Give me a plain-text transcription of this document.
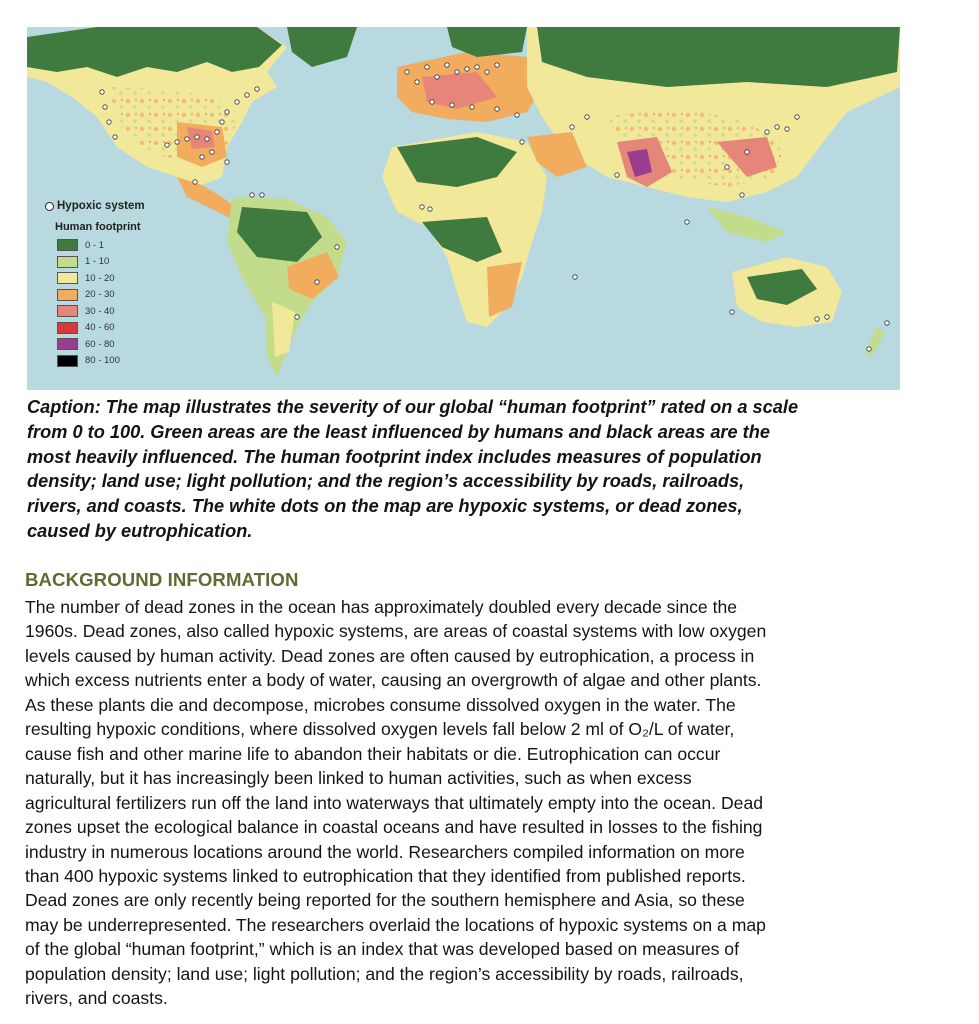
Hypoxic system
Human footprint
0 - 1
1 - 10
10 - 20
20 - 30
30 - 40
40 - 60
60 - 80
80 - 100

Caption: The map illustrates the severity of our global “human footprint” rated on a scale
from 0 to 100. Green areas are the least influenced by humans and black areas are the
most heavily influenced. The human footprint index includes measures of population
density; land use; light pollution; and the region’s accessibility by roads, railroads,
rivers, and coasts. The white dots on the map are hypoxic systems, or dead zones,
caused by eutrophication.

BACKGROUND INFORMATION

The number of dead zones in the ocean has approximately doubled every decade since the
1960s. Dead zones, also called hypoxic systems, are areas of coastal systems with low oxygen
levels caused by human activity. Dead zones are often caused by eutrophication, a process in
which excess nutrients enter a body of water, causing an overgrowth of algae and other plants.
As these plants die and decompose, microbes consume dissolved oxygen in the water. The
resulting hypoxic conditions, where dissolved oxygen levels fall below 2 ml of O₂/L of water,
cause fish and other marine life to abandon their habitats or die. Eutrophication can occur
naturally, but it has increasingly been linked to human activities, such as when excess
agricultural fertilizers run off the land into waterways that ultimately empty into the ocean. Dead
zones upset the ecological balance in coastal oceans and have resulted in losses to the fishing
industry in numerous locations around the world. Researchers compiled information on more
than 400 hypoxic systems linked to eutrophication that they identified from published reports.
Dead zones are only recently being reported for the southern hemisphere and Asia, so these
may be underrepresented. The researchers overlaid the locations of hypoxic systems on a map
of the global “human footprint,” which is an index that was developed based on measures of
population density; land use; light pollution; and the region’s accessibility by roads, railroads,
rivers, and coasts.
